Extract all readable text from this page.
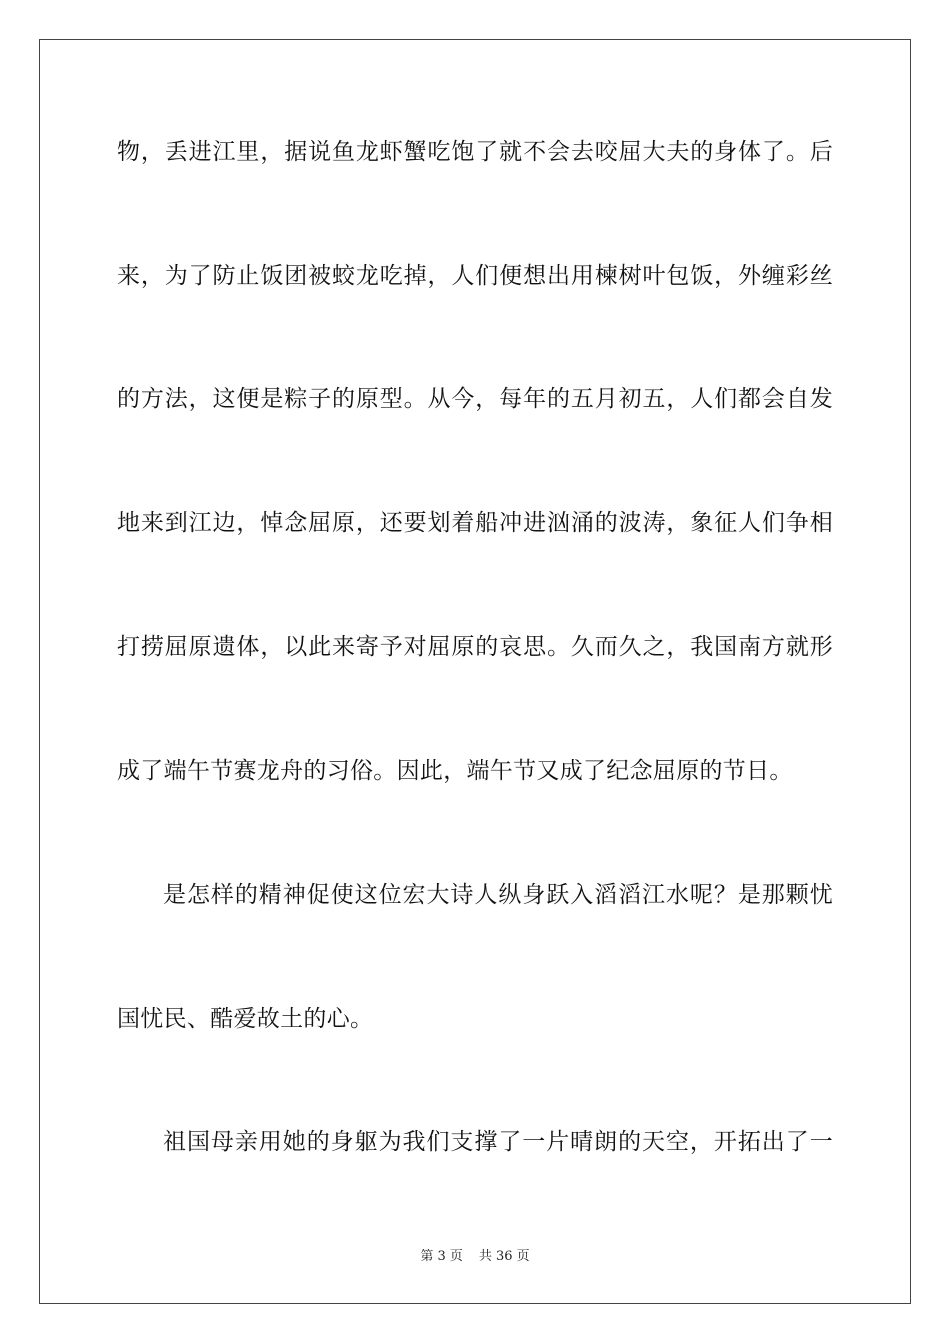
物，丢进江里，据说鱼龙虾蟹吃饱了就不会去咬屈大夫的身体了。后
来，为了防止饭团被蛟龙吃掉，人们便想出用楝树叶包饭，外缠彩丝
的方法，这便是粽子的原型。从今，每年的五月初五，人们都会自发
地来到江边，悼念屈原，还要划着船冲进汹涌的波涛，象征人们争相
打捞屈原遗体，以此来寄予对屈原的哀思。久而久之，我国南方就形
成了端午节赛龙舟的习俗。因此，端午节又成了纪念屈原的节日。
是怎样的精神促使这位宏大诗人纵身跃入滔滔江水呢？是那颗忧
国忧民、酷爱故土的心。
祖国母亲用她的身躯为我们支撑了一片晴朗的天空，开拓出了一
第 3 页 共 36 页
